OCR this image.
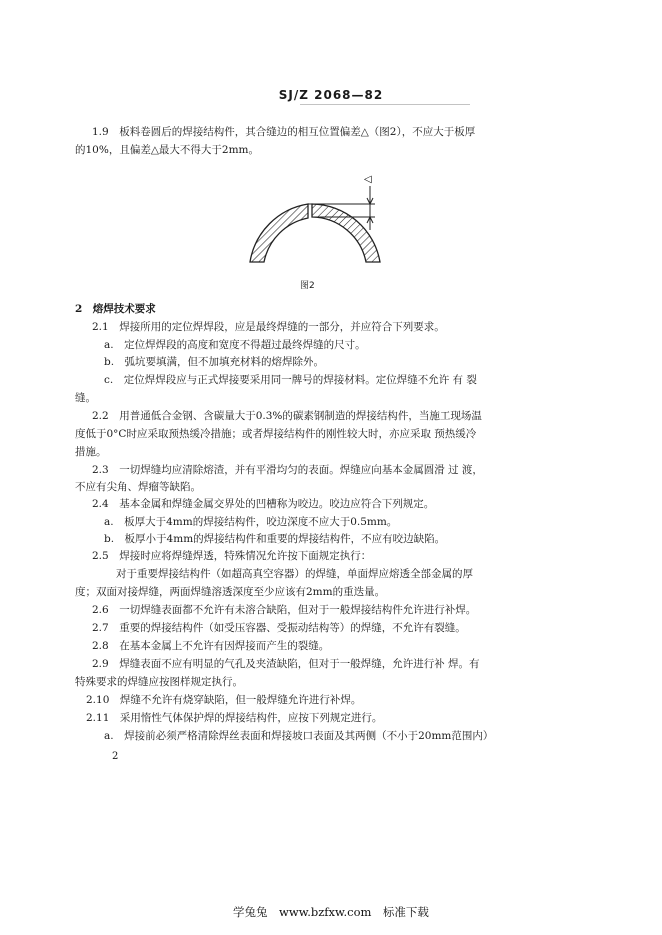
SJ/Z 2068—82
1.9　板料卷圆后的焊接结构件，其合缝边的相互位置偏差△（图2），不应大于板厚
的10%，且偏差△最大不得大于2mm。
◁
图2
2　熔焊技术要求
2.1　焊接所用的定位焊焊段，应是最终焊缝的一部分，并应符合下列要求。
a.　定位焊焊段的高度和宽度不得超过最终焊缝的尺寸。
b.　弧坑要填满，但不加填充材料的熔焊除外。
c.　定位焊焊段应与正式焊接要采用同一牌号的焊接材料。定位焊缝不允许 有 裂
缝。
2.2　用普通低合金钢、含碳量大于0.3%的碳素钢制造的焊接结构件，当施工现场温
度低于0°C时应采取预热缓冷措施；或者焊接结构件的刚性较大时，亦应采取 预热缓冷
措施。
2.3　一切焊缝均应清除熔渣，并有平滑均匀的表面。焊缝应向基本金属圆滑 过 渡，
不应有尖角、焊瘤等缺陷。
2.4　基本金属和焊缝金属交界处的凹槽称为咬边。咬边应符合下列规定。
a.　板厚大于4mm的焊接结构件，咬边深度不应大于0.5mm。
b.　板厚小于4mm的焊接结构件和重要的焊接结构件，不应有咬边缺陷。
2.5　焊接时应将焊缝焊透，特殊情况允许按下面规定执行：
对于重要焊接结构件（如超高真空容器）的焊缝，单面焊应熔透全部金属的厚
度；双面对接焊缝，两面焊缝溶透深度至少应该有2mm的重迭量。
2.6　一切焊缝表面都不允许有未溶合缺陷，但对于一般焊接结构件允许进行补焊。
2.7　重要的焊接结构件（如受压容器、受振动结构等）的焊缝，不允许有裂缝。
2.8　在基本金属上不允许有因焊接而产生的裂缝。
2.9　焊缝表面不应有明显的气孔及夹渣缺陷，但对于一般焊缝，允许进行补 焊。有
特殊要求的焊缝应按图样规定执行。
2.10　焊缝不允许有烧穿缺陷，但一般焊缝允许进行补焊。
2.11　采用惰性气体保护焊的焊接结构件，应按下列规定进行。
a.　焊接前必须严格清除焊丝表面和焊接坡口表面及其两侧（不小于20mm范围内）
2
学兔兔　www.bzfxw.com　标准下载
